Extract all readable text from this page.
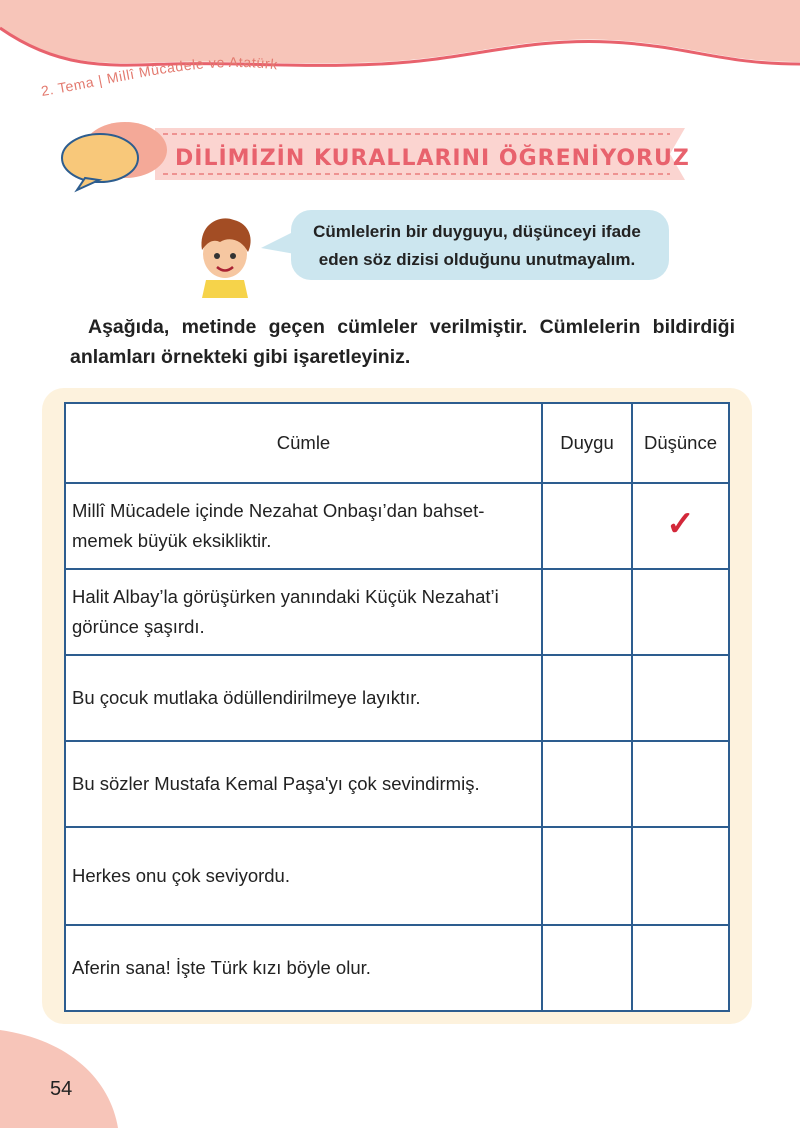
2. Tema | Millî Mücadele ve Atatürk
DİLİMİZİN KURALLARINI ÖĞRENİYORUZ
Cümlelerin bir duyguyu, düşünceyi ifade
eden söz dizisi olduğunu unutmayalım.

Aşağıda, metinde geçen cümleler verilmiştir. Cümlelerin bildirdiği anlamları örnekteki gibi işaretleyiniz.

Cümle	Duygu	Düşünce

Millî Mücadele içinde Nezahat Onbaşı’dan bahset-
memek büyük eksikliktir.		✓

Halit Albay’la görüşürken yanındaki Küçük Nezahat’i
görünce şaşırdı.		

Bu çocuk mutlaka ödüllendirilmeye layıktır.		
Bu sözler Mustafa Kemal Paşa'yı çok sevindirmiş.		
Herkes onu çok seviyordu.		
Aferin sana! İşte Türk kızı böyle olur.		
54
